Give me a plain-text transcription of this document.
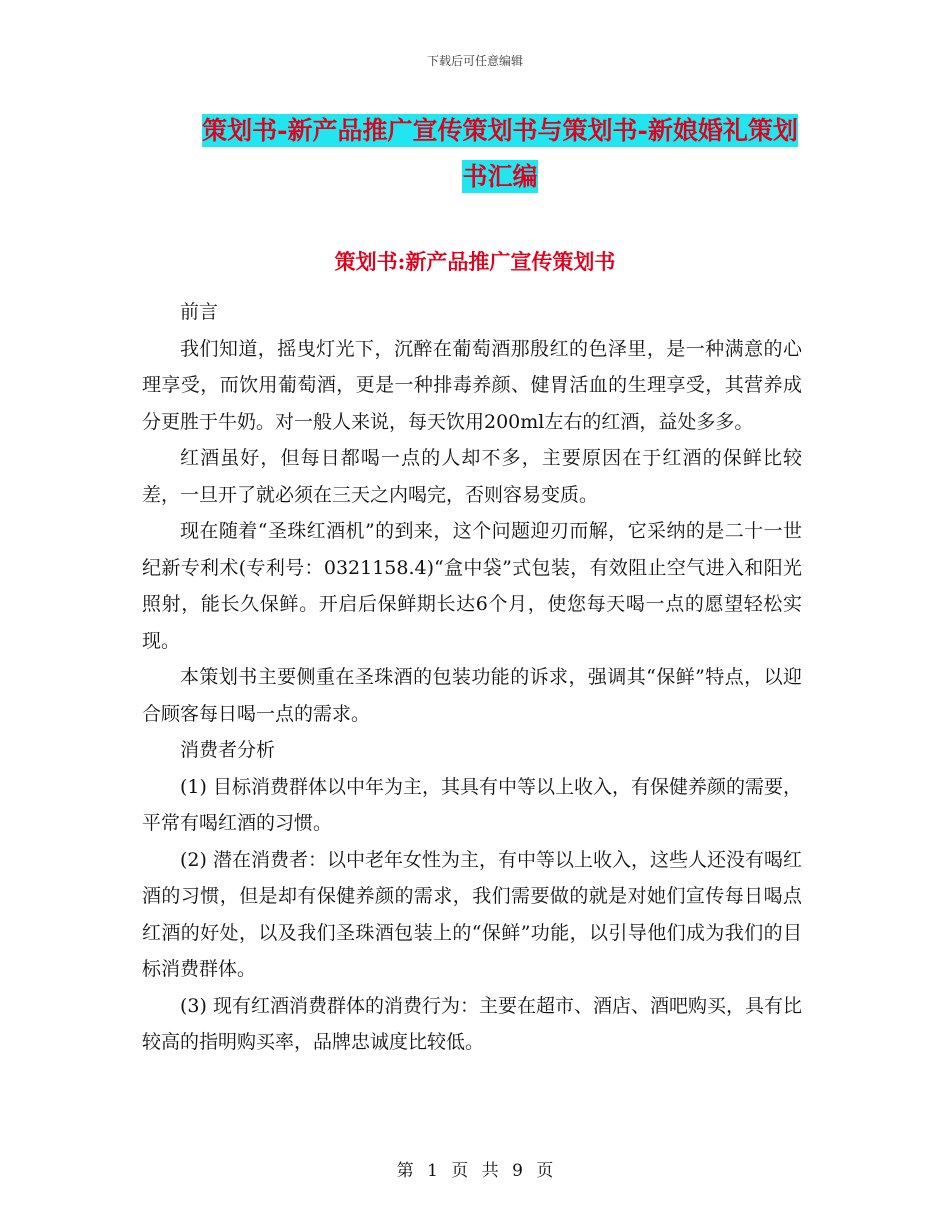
下载后可任意编辑
策划书-新产品推广宣传策划书与策划书-新娘婚礼策划书汇编
策划书:新产品推广宣传策划书

前言

我们知道，摇曳灯光下，沉醉在葡萄酒那殷红的色泽里，是一种满意的心理享受，而饮用葡萄酒，更是一种排毒养颜、健胃活血的生理享受，其营养成分更胜于牛奶。对一般人来说，每天饮用200ml左右的红酒，益处多多。

红酒虽好，但每日都喝一点的人却不多，主要原因在于红酒的保鲜比较差，一旦开了就必须在三天之内喝完，否则容易变质。

现在随着“圣珠红酒机”的到来，这个问题迎刃而解，它采纳的是二十一世纪新专利术(专利号：0321158.4)“盒中袋”式包装，有效阻止空气进入和阳光照射，能长久保鲜。开启后保鲜期长达6个月，使您每天喝一点的愿望轻松实现。

本策划书主要侧重在圣珠酒的包装功能的诉求，强调其“保鲜”特点，以迎合顾客每日喝一点的需求。

消费者分析

(1) 目标消费群体以中年为主，其具有中等以上收入，有保健养颜的需要，平常有喝红酒的习惯。

(2) 潜在消费者：以中老年女性为主，有中等以上收入，这些人还没有喝红酒的习惯，但是却有保健养颜的需求，我们需要做的就是对她们宣传每日喝点红酒的好处，以及我们圣珠酒包装上的“保鲜”功能，以引导他们成为我们的目标消费群体。

(3) 现有红酒消费群体的消费行为：主要在超市、酒店、酒吧购买，具有比较高的指明购买率，品牌忠诚度比较低。

第 1 页 共 9 页
